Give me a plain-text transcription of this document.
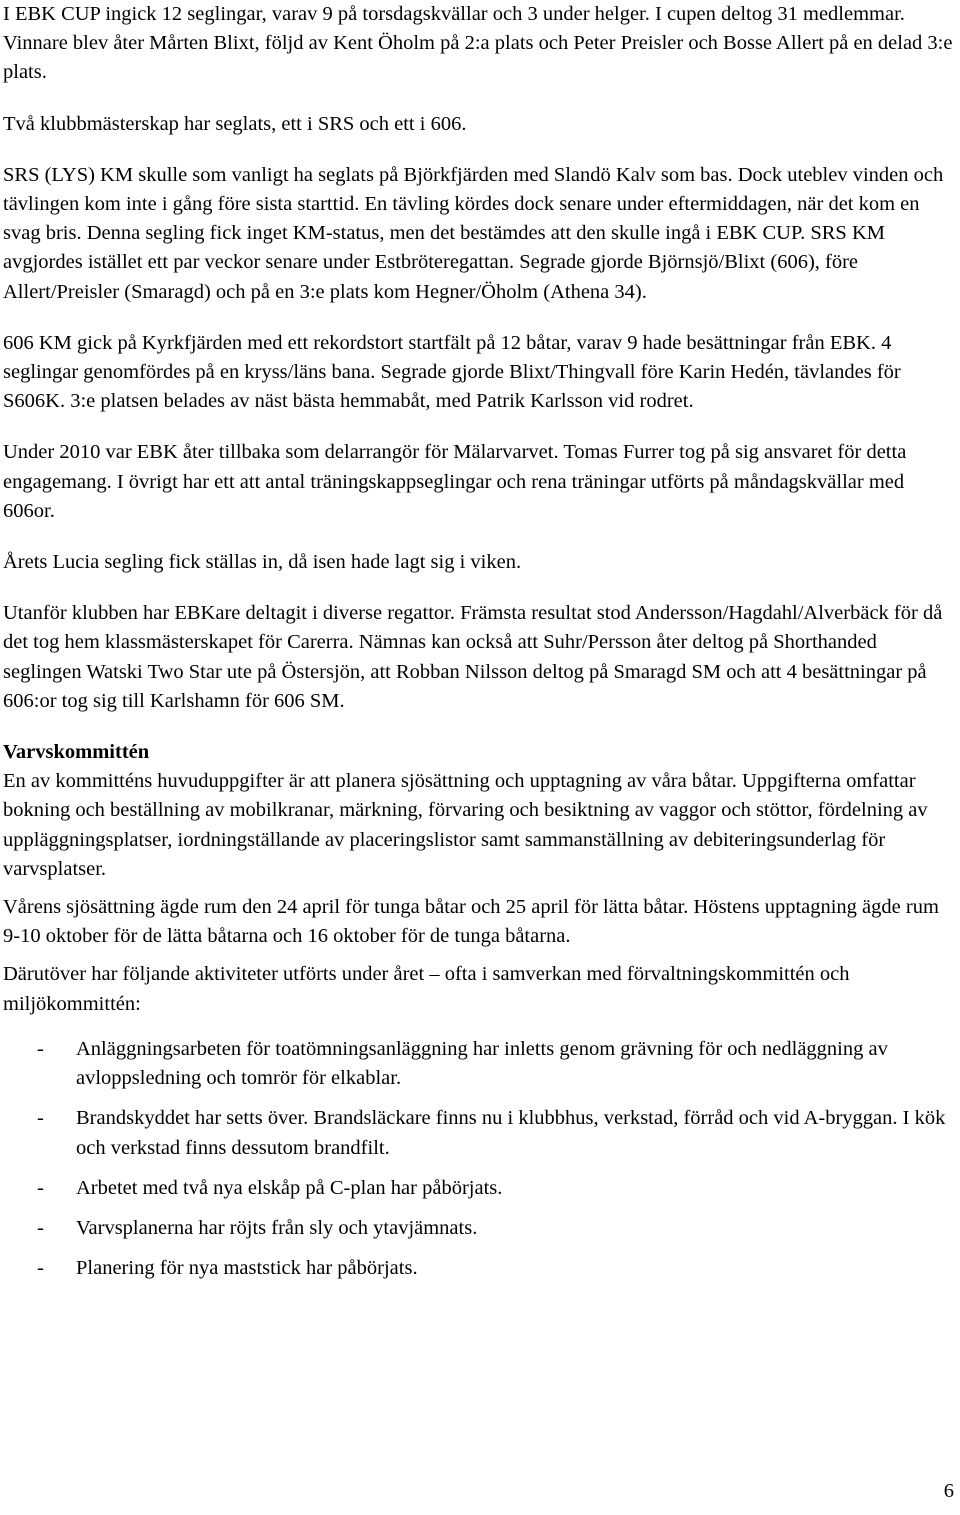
I EBK CUP ingick 12 seglingar, varav 9 på torsdagskvällar och 3 under helger. I cupen deltog 31 medlemmar. Vinnare blev åter Mårten Blixt, följd av Kent Öholm på 2:a plats och Peter Preisler och Bosse Allert på en delad 3:e plats.

Två klubbmästerskap har seglats, ett i SRS och ett i 606.

SRS (LYS) KM skulle som vanligt ha seglats på Björkfjärden med Slandö Kalv som bas. Dock uteblev vinden och tävlingen kom inte i gång före sista starttid. En tävling kördes dock senare under eftermiddagen, när det kom en svag bris. Denna segling fick inget KM-status, men det bestämdes att den skulle ingå i EBK CUP. SRS KM avgjordes istället ett par veckor senare under Estbröteregattan. Segrade gjorde Björnsjö/Blixt (606), före Allert/Preisler (Smaragd) och på en 3:e plats kom Hegner/Öholm (Athena 34).

606 KM gick på Kyrkfjärden med ett rekordstort startfält på 12 båtar, varav 9 hade besättningar från EBK. 4 seglingar genomfördes på en kryss/läns bana. Segrade gjorde Blixt/Thingvall före Karin Hedén, tävlandes för S606K. 3:e platsen belades av näst bästa hemmabåt, med Patrik Karlsson vid rodret.

Under 2010 var EBK åter tillbaka som delarrangör för Mälarvarvet. Tomas Furrer tog på sig ansvaret för detta engagemang. I övrigt har ett att antal träningskappseglingar och rena träningar utförts på måndagskvällar med 606or.

Årets Lucia segling fick ställas in, då isen hade lagt sig i viken.

Utanför klubben har EBKare deltagit i diverse regattor. Främsta resultat stod Andersson/Hagdahl/Alverbäck för då det tog hem klassmästerskapet för Carerra. Nämnas kan också att Suhr/Persson åter deltog på Shorthanded seglingen Watski Two Star ute på Östersjön, att Robban Nilsson deltog på Smaragd SM och att 4 besättningar på 606:or tog sig till Karlshamn för 606 SM.

Varvskommittén

En av kommitténs huvuduppgifter är att planera sjösättning och upptagning av våra båtar. Uppgifterna omfattar bokning och beställning av mobilkranar, märkning, förvaring och besiktning av vaggor och stöttor, fördelning av uppläggningsplatser, iordningställande av placeringslistor samt sammanställning av debiteringsunderlag för varvsplatser.

Vårens sjösättning ägde rum den 24 april för tunga båtar och 25 april för lätta båtar. Höstens upptagning ägde rum 9-10 oktober för de lätta båtarna och 16 oktober för de tunga båtarna.

Därutöver har följande aktiviteter utförts under året – ofta i samverkan med förvaltningskommittén och miljökommittén:

- Anläggningsarbeten för toatömningsanläggning har inletts genom grävning för och nedläggning av avloppsledning och tomrör för elkablar.
- Brandskyddet har setts över. Brandsläckare finns nu i klubbhus, verkstad, förråd och vid A-bryggan. I kök och verkstad finns dessutom brandfilt.
- Arbetet med två nya elskåp på C-plan har påbörjats.
- Varvsplanerna har röjts från sly och ytavjämnats.
- Planering för nya maststick har påbörjats.
6
